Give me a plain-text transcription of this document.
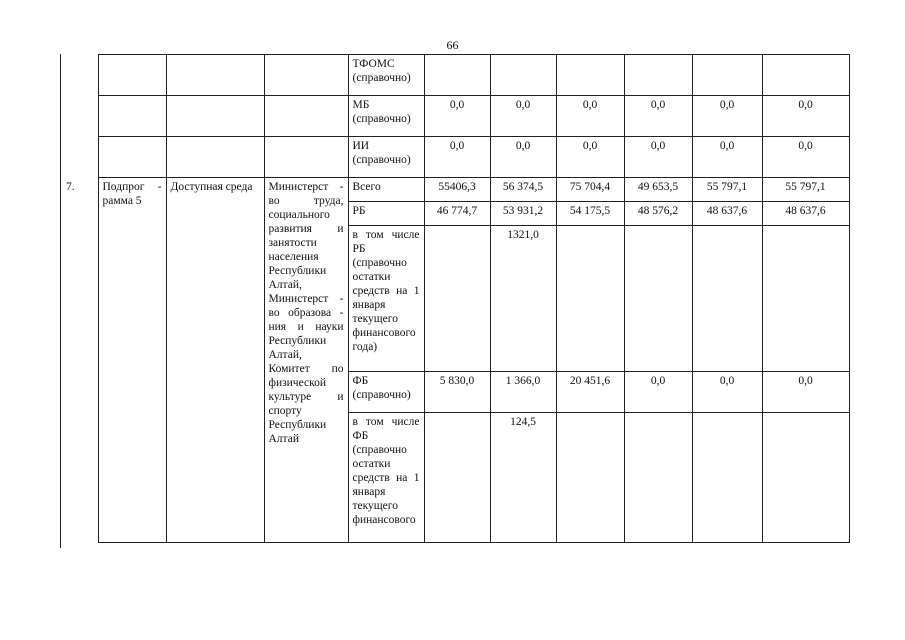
66
				ТФОМС (справочно)						
				МБ (справочно)	0,0	0,0	0,0	0,0	0,0	0,0
				ИИ (справочно)	0,0	0,0	0,0	0,0	0,0	0,0
7.	Подпрог - рамма 5	Доступная среда	Министерст - во труда, социального развития и занятости населения Республики Алтай, Министерст - во образова - ния и науки Республики Алтай, Комитет по физической культуре и спорту Республики Алтай	Всего	55406,3	56 374,5	75 704,4	49 653,5	55 797,1	55 797,1
				РБ	46 774,7	53 931,2	54 175,5	48 576,2	48 637,6	48 637,6
				в том числе РБ (справочно остатки средств на 1 января текущего финансового года)		1321,0				
				ФБ (справочно)	5 830,0	1 366,0	20 451,6	0,0	0,0	0,0
				в том числе ФБ (справочно остатки средств на 1 января текущего финансового		124,5				
